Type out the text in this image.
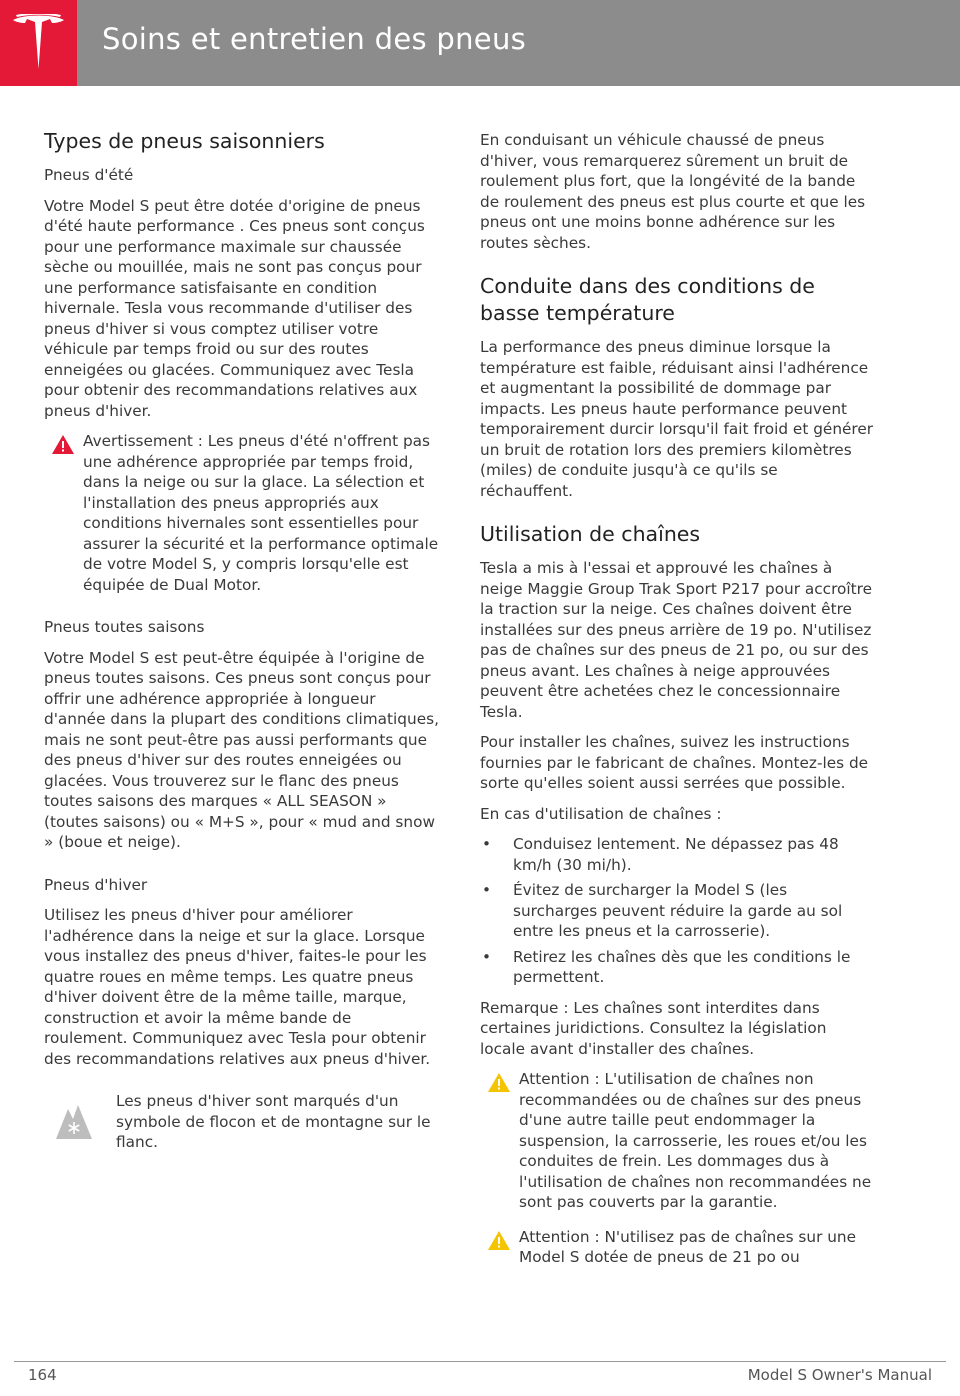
Soins et entretien des pneus
Types de pneus saisonniers
Pneus d'été

Votre Model S peut être dotée d'origine de pneus d'été haute performance . Ces pneus sont conçus pour une performance maximale sur chaussée sèche ou mouillée, mais ne sont pas conçus pour une performance satisfaisante en condition hivernale. Tesla vous recommande d'utiliser des pneus d'hiver si vous comptez utiliser votre véhicule par temps froid ou sur des routes enneigées ou glacées. Communiquez avec Tesla pour obtenir des recommandations relatives aux pneus d'hiver.

Avertissement : Les pneus d'été n'offrent pas une adhérence appropriée par temps froid, dans la neige ou sur la glace. La sélection et l'installation des pneus appropriés aux conditions hivernales sont essentielles pour assurer la sécurité et la performance optimale de votre Model S, y compris lorsqu'elle est équipée de Dual Motor.
Pneus toutes saisons

Votre Model S est peut-être équipée à l'origine de pneus toutes saisons. Ces pneus sont conçus pour offrir une adhérence appropriée à longueur d'année dans la plupart des conditions climatiques, mais ne sont peut-être pas aussi performants que des pneus d'hiver sur des routes enneigées ou glacées. Vous trouverez sur le flanc des pneus toutes saisons des marques « ALL SEASON » (toutes saisons) ou « M+S », pour « mud and snow » (boue et neige).

Pneus d'hiver

Utilisez les pneus d'hiver pour améliorer l'adhérence dans la neige et sur la glace. Lorsque vous installez des pneus d'hiver, faites-le pour les quatre roues en même temps. Les quatre pneus d'hiver doivent être de la même taille, marque, construction et avoir la même bande de roulement. Communiquez avec Tesla pour obtenir des recommandations relatives aux pneus d'hiver.

Les pneus d'hiver sont marqués d'un symbole de flocon et de montagne sur le flanc.

En conduisant un véhicule chaussé de pneus d'hiver, vous remarquerez sûrement un bruit de roulement plus fort, que la longévité de la bande de roulement des pneus est plus courte et que les pneus ont une moins bonne adhérence sur les routes sèches.

Conduite dans des conditions de basse température

La performance des pneus diminue lorsque la température est faible, réduisant ainsi l'adhérence et augmentant la possibilité de dommage par impacts. Les pneus haute performance peuvent temporairement durcir lorsqu'il fait froid et générer un bruit de rotation lors des premiers kilomètres (miles) de conduite jusqu'à ce qu'ils se réchauffent.

Utilisation de chaînes

Tesla a mis à l'essai et approuvé les chaînes à neige Maggie Group Trak Sport P217 pour accroître la traction sur la neige. Ces chaînes doivent être installées sur des pneus arrière de 19 po. N'utilisez pas de chaînes sur des pneus de 21 po, ou sur des pneus avant. Les chaînes à neige approuvées peuvent être achetées chez le concessionnaire Tesla.

Pour installer les chaînes, suivez les instructions fournies par le fabricant de chaînes. Montez-les de sorte qu'elles soient aussi serrées que possible.

En cas d'utilisation de chaînes :

• Conduisez lentement. Ne dépassez pas 48 km/h (30 mi/h).
• Évitez de surcharger la Model S (les surcharges peuvent réduire la garde au sol entre les pneus et la carrosserie).
• Retirez les chaînes dès que les conditions le permettent.

Remarque : Les chaînes sont interdites dans certaines juridictions. Consultez la législation locale avant d'installer des chaînes.

Attention : L'utilisation de chaînes non recommandées ou de chaînes sur des pneus d'une autre taille peut endommager la suspension, la carrosserie, les roues et/ou les conduites de frein. Les dommages dus à l'utilisation de chaînes non recommandées ne sont pas couverts par la garantie.
Attention : N'utilisez pas de chaînes sur une Model S dotée de pneus de 21 po ou
164	Model S Owner's Manual
